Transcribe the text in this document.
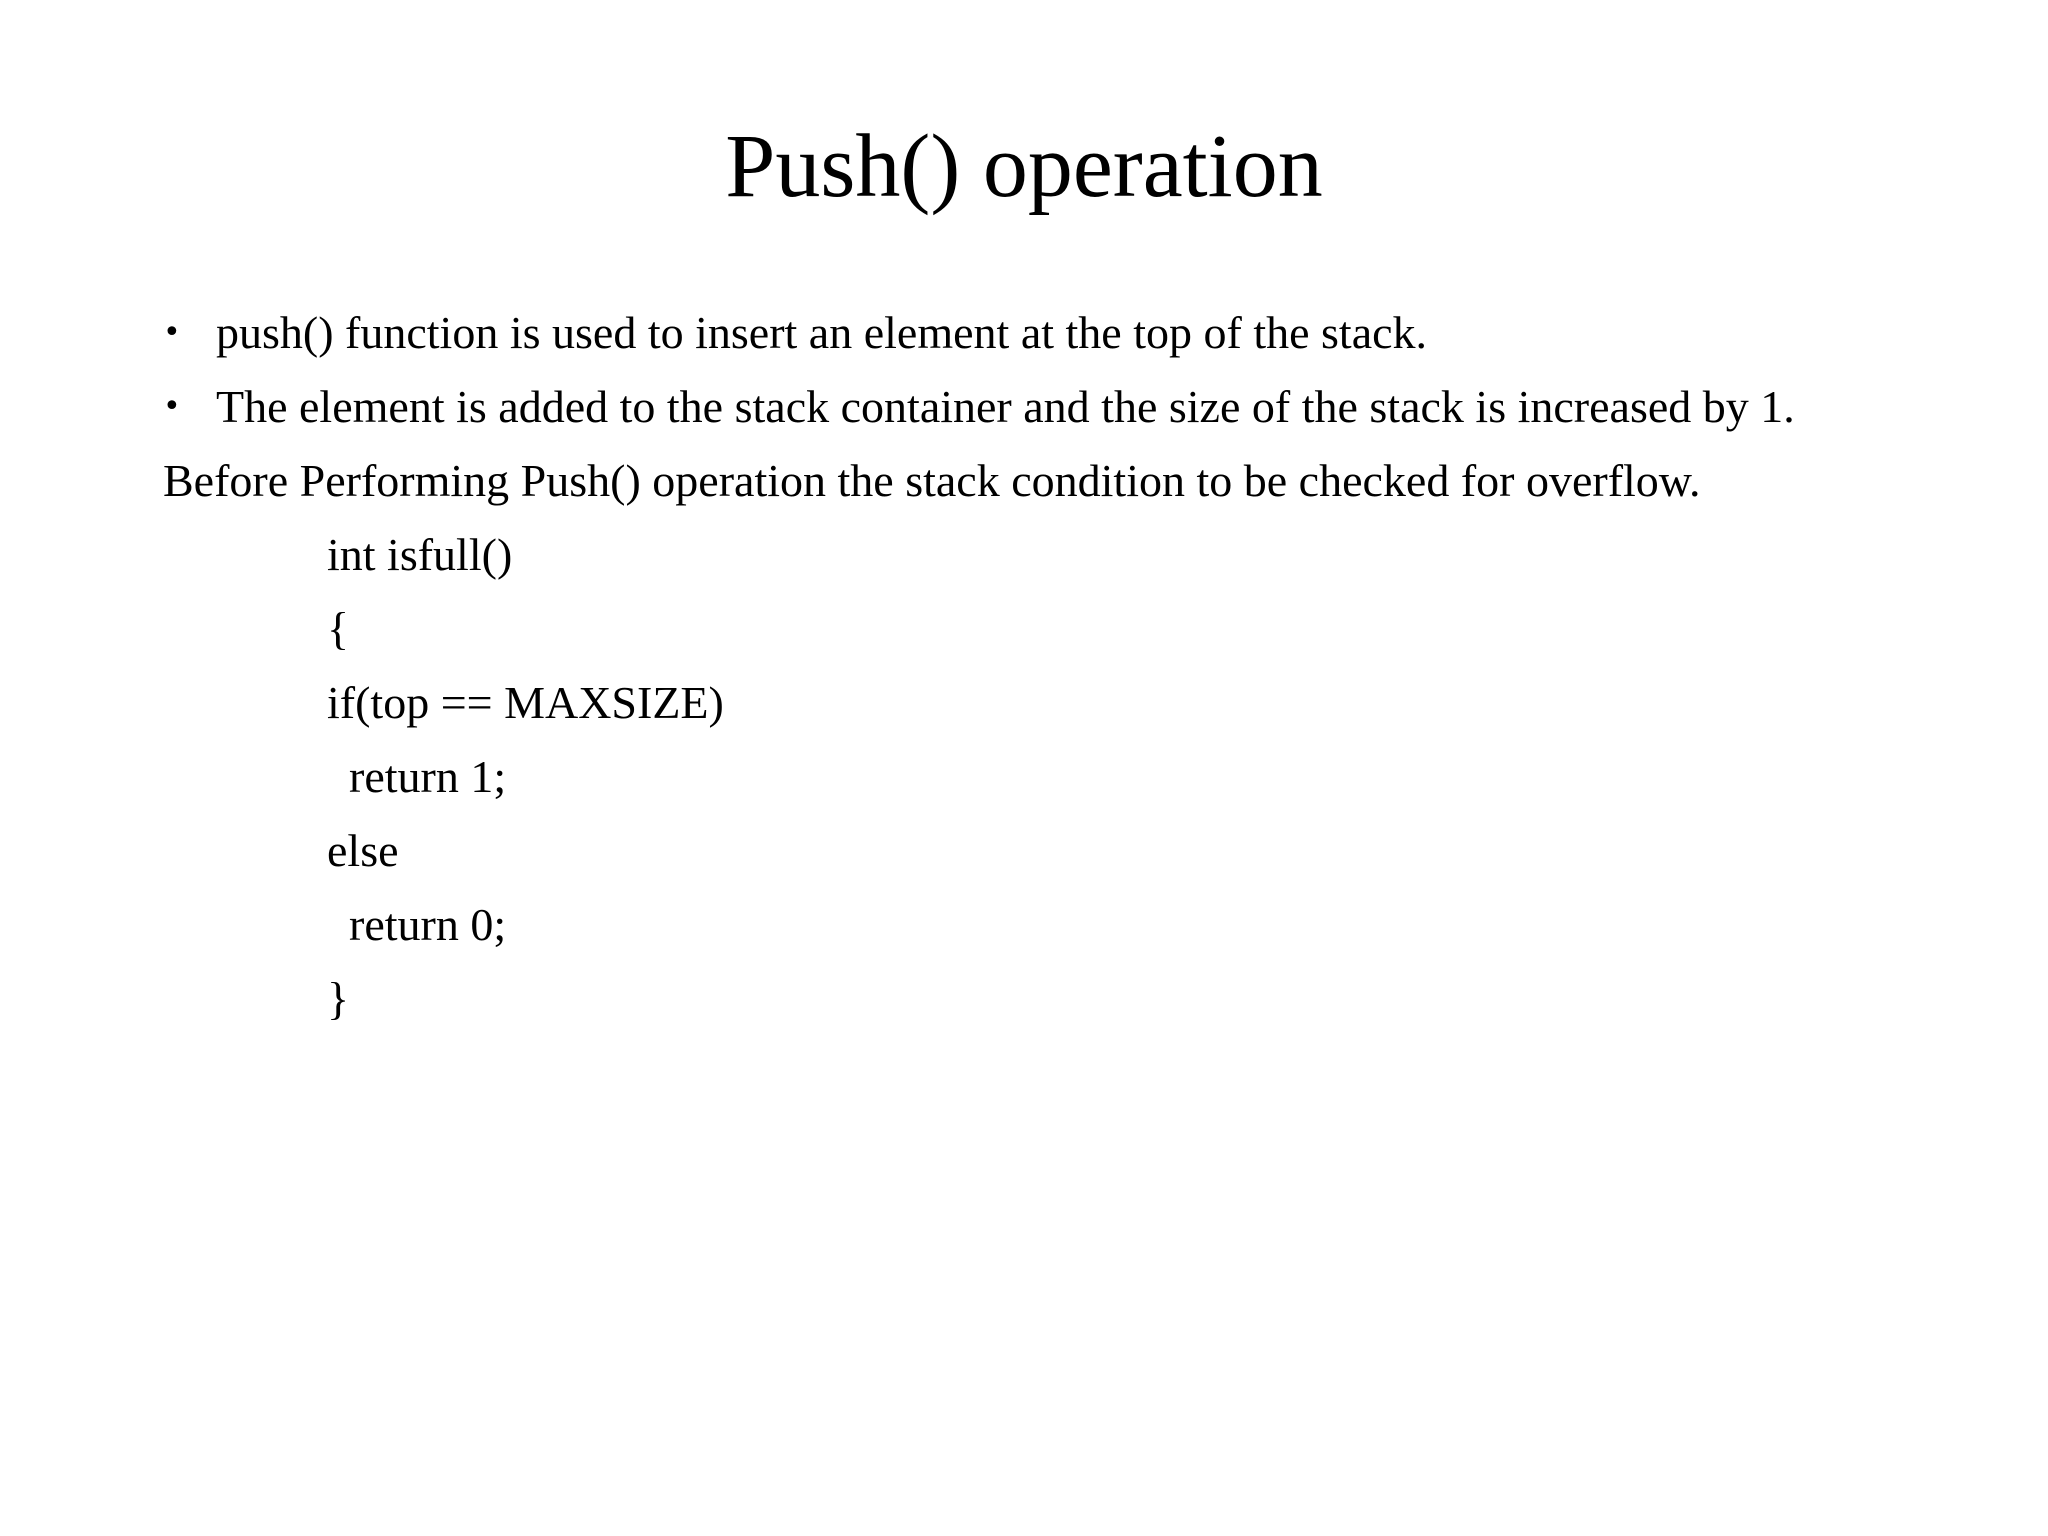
Push() operation
• push() function is used to insert an element at the top of the stack.
• The element is added to the stack container and the size of the stack is increased by 1.
Before Performing Push() operation the stack condition to be checked for overflow.
int isfull()
{
if(top == MAXSIZE)
return 1;
else
return 0;
}
